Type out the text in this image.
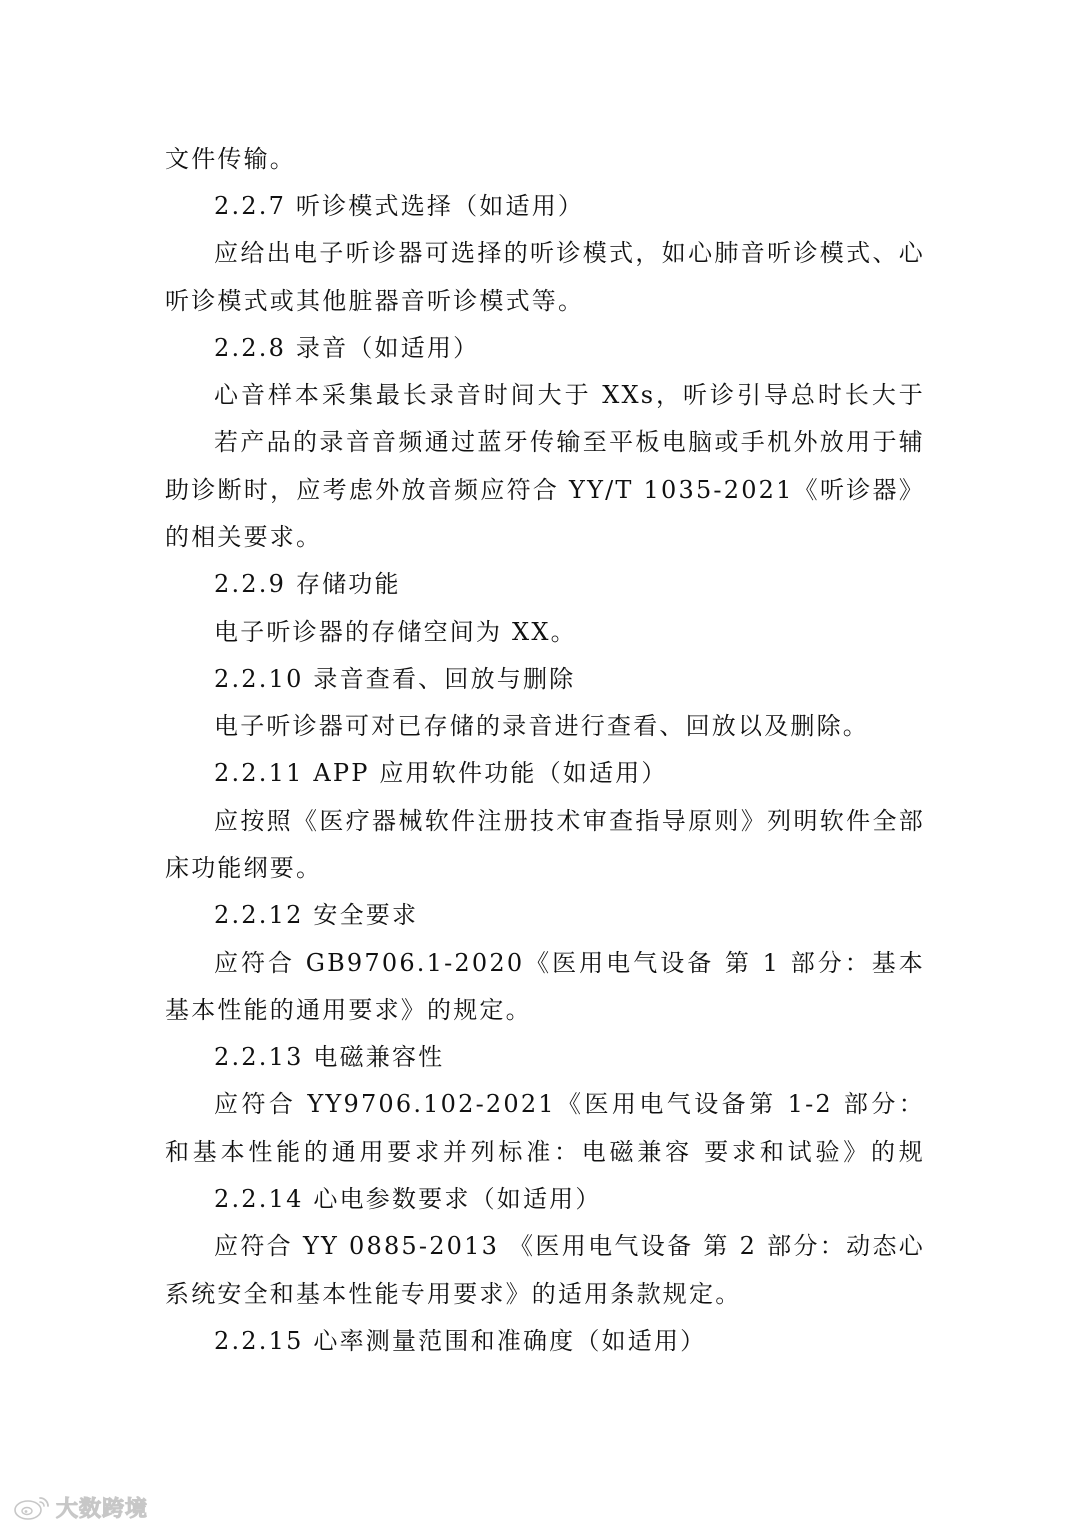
文件传输。
2.2.7 听诊模式选择（如适用）
应给出电子听诊器可选择的听诊模式，如心肺音听诊模式、心
听诊模式或其他脏器音听诊模式等。
2.2.8 录音（如适用）
心音样本采集最长录音时间大于 XXs，听诊引导总时长大于
若产品的录音音频通过蓝牙传输至平板电脑或手机外放用于辅
助诊断时，应考虑外放音频应符合 YY/T 1035-2021《听诊器》
的相关要求。
2.2.9 存储功能
电子听诊器的存储空间为 XX。
2.2.10 录音查看、回放与删除
电子听诊器可对已存储的录音进行查看、回放以及删除。
2.2.11 APP 应用软件功能（如适用）
应按照《医疗器械软件注册技术审查指导原则》列明软件全部
床功能纲要。
2.2.12 安全要求
应符合 GB9706.1-2020《医用电气设备 第 1 部分：基本
基本性能的通用要求》的规定。
2.2.13 电磁兼容性
应符合 YY9706.102-2021《医用电气设备第 1-2 部分：
和基本性能的通用要求并列标准：电磁兼容 要求和试验》的规
2.2.14 心电参数要求（如适用）
应符合 YY 0885-2013 《医用电气设备 第 2 部分：动态心
系统安全和基本性能专用要求》的适用条款规定。
2.2.15 心率测量范围和准确度（如适用）
大数跨境
